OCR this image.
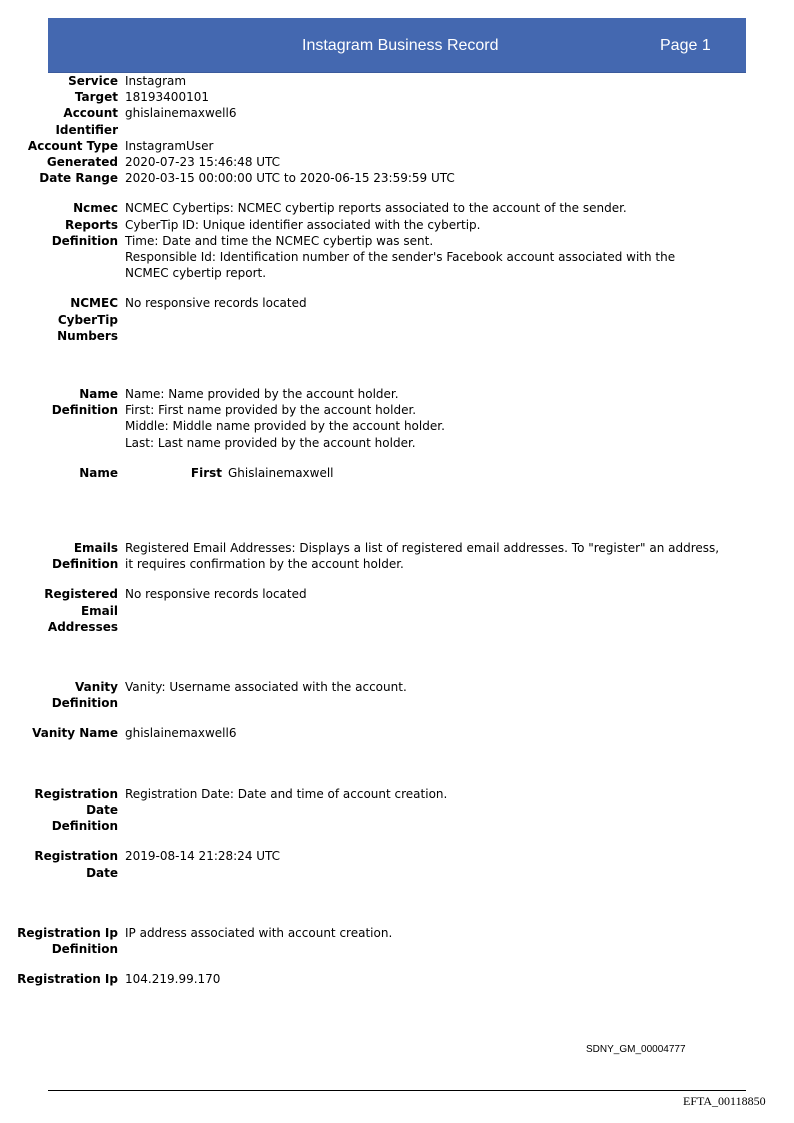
Instagram Business Record	Page 1
Service Instagram
Target 18193400101
Account Identifier
ghislainemaxwell6
Account Type InstagramUser
Generated 2020-07-23 15:46:48 UTC
Date Range 2020-03-15 00:00:00 UTC to 2020-06-15 23:59:59 UTC
Ncmec Reports Definition
NCMEC Cybertips: NCMEC cybertip reports associated to the account of the sender.
CyberTip ID: Unique identifier associated with the cybertip.
Time: Date and time the NCMEC cybertip was sent.
Responsible Id: Identification number of the sender's Facebook account associated with the NCMEC cybertip report.
NCMEC CyberTip Numbers
No responsive records located
Name Definition
Name: Name provided by the account holder.
First: First name provided by the account holder.
Middle: Middle name provided by the account holder.
Last: Last name provided by the account holder.
Name	First Ghislainemaxwell
Emails Definition
Registered Email Addresses: Displays a list of registered email addresses. To "register" an address, it requires confirmation by the account holder.
Registered Email Addresses
No responsive records located
Vanity Definition
Vanity: Username associated with the account.
Vanity Name ghislainemaxwell6
Registration Date Definition
Registration Date: Date and time of account creation.
Registration Date
2019-08-14 21:28:24 UTC
Registration Ip Definition
IP address associated with account creation.
Registration Ip 104.219.99.170
SDNY_GM_00004777
EFTA_00118850
